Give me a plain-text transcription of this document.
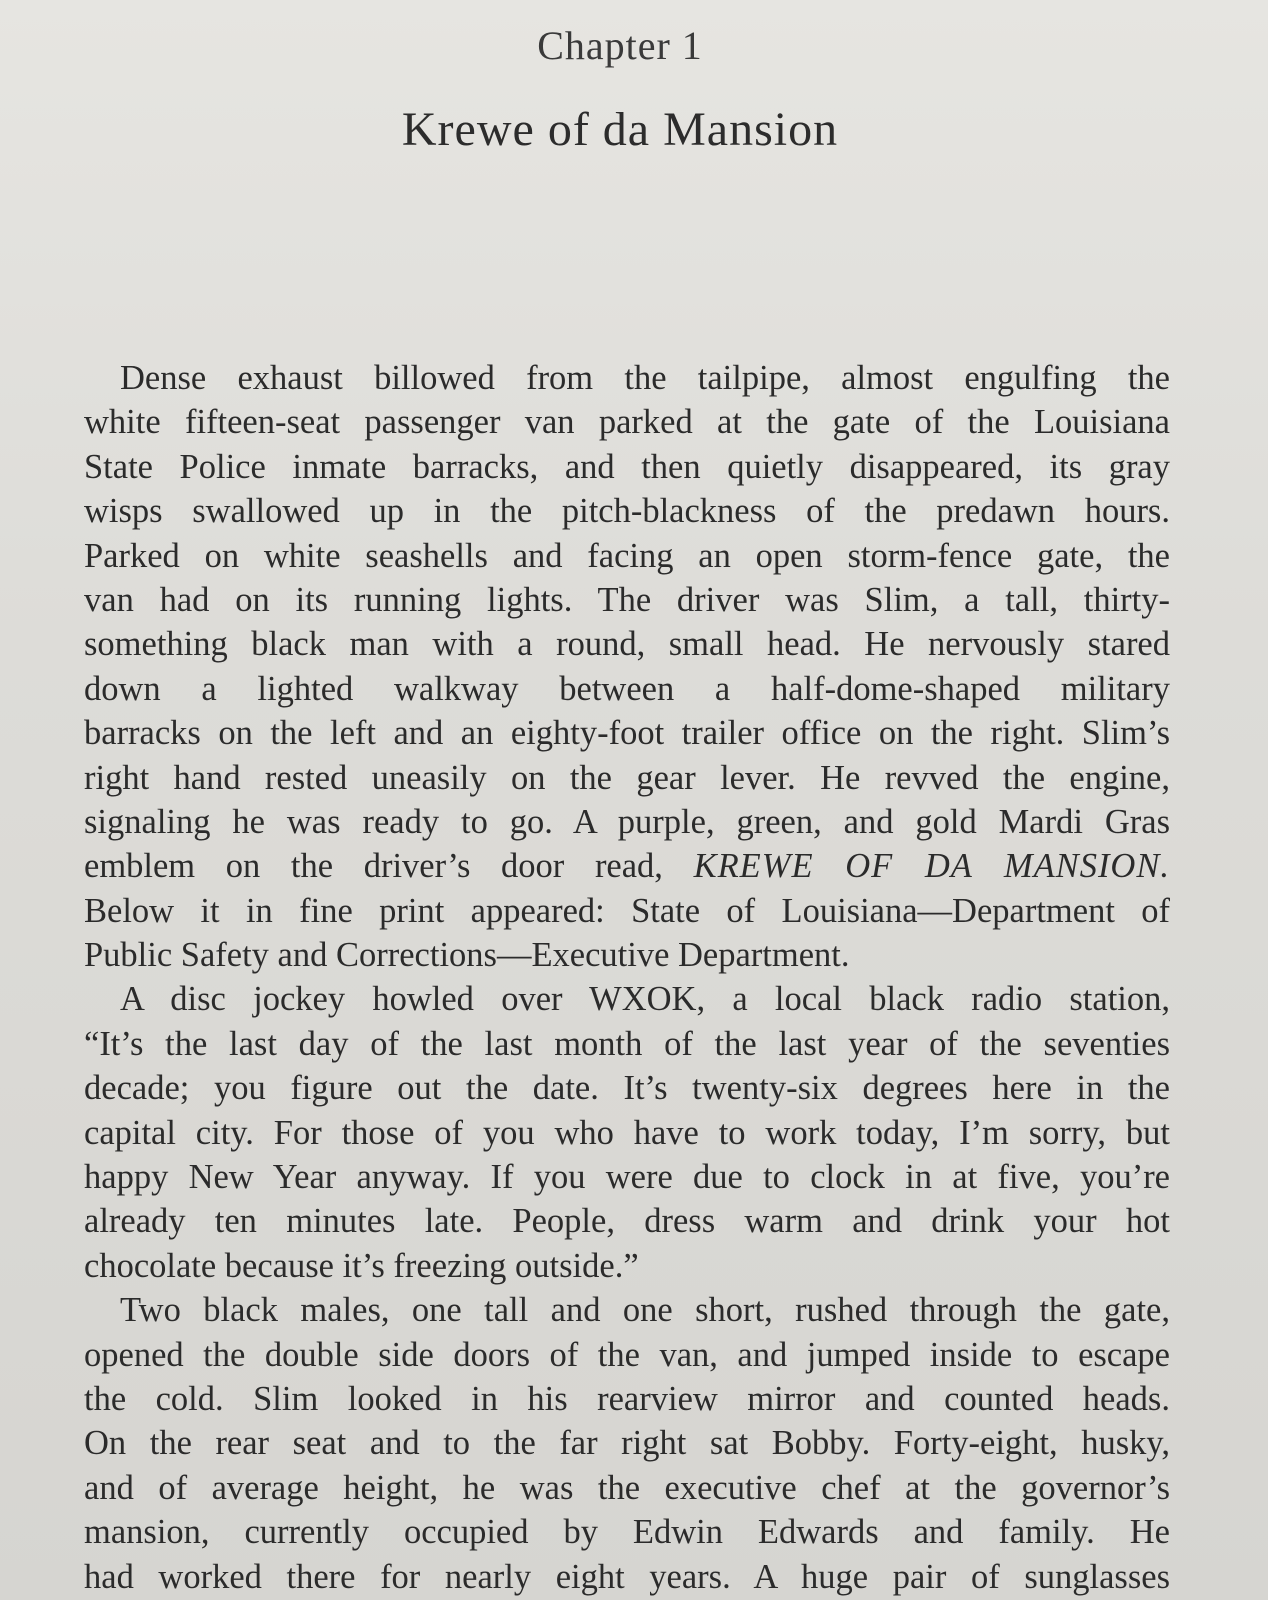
Chapter 1
Krewe of da Mansion
Dense exhaust billowed from the tailpipe, almost engulfing the
white fifteen-seat passenger van parked at the gate of the Louisiana
State Police inmate barracks, and then quietly disappeared, its gray
wisps swallowed up in the pitch-blackness of the predawn hours.
Parked on white seashells and facing an open storm-fence gate, the
van had on its running lights. The driver was Slim, a tall, thirty-
something black man with a round, small head. He nervously stared
down a lighted walkway between a half-dome-shaped military
barracks on the left and an eighty-foot trailer office on the right. Slim’s
right hand rested uneasily on the gear lever. He revved the engine,
signaling he was ready to go. A purple, green, and gold Mardi Gras
emblem on the driver’s door read, KREWE OF DA MANSION.
Below it in fine print appeared: State of Louisiana—Department of
Public Safety and Corrections—Executive Department.
A disc jockey howled over WXOK, a local black radio station,
“It’s the last day of the last month of the last year of the seventies
decade; you figure out the date. It’s twenty-six degrees here in the
capital city. For those of you who have to work today, I’m sorry, but
happy New Year anyway. If you were due to clock in at five, you’re
already ten minutes late. People, dress warm and drink your hot
chocolate because it’s freezing outside.”
Two black males, one tall and one short, rushed through the gate,
opened the double side doors of the van, and jumped inside to escape
the cold. Slim looked in his rearview mirror and counted heads.
On the rear seat and to the far right sat Bobby. Forty-eight, husky,
and of average height, he was the executive chef at the governor’s
mansion, currently occupied by Edwin Edwards and family. He
had worked there for nearly eight years. A huge pair of sunglasses
